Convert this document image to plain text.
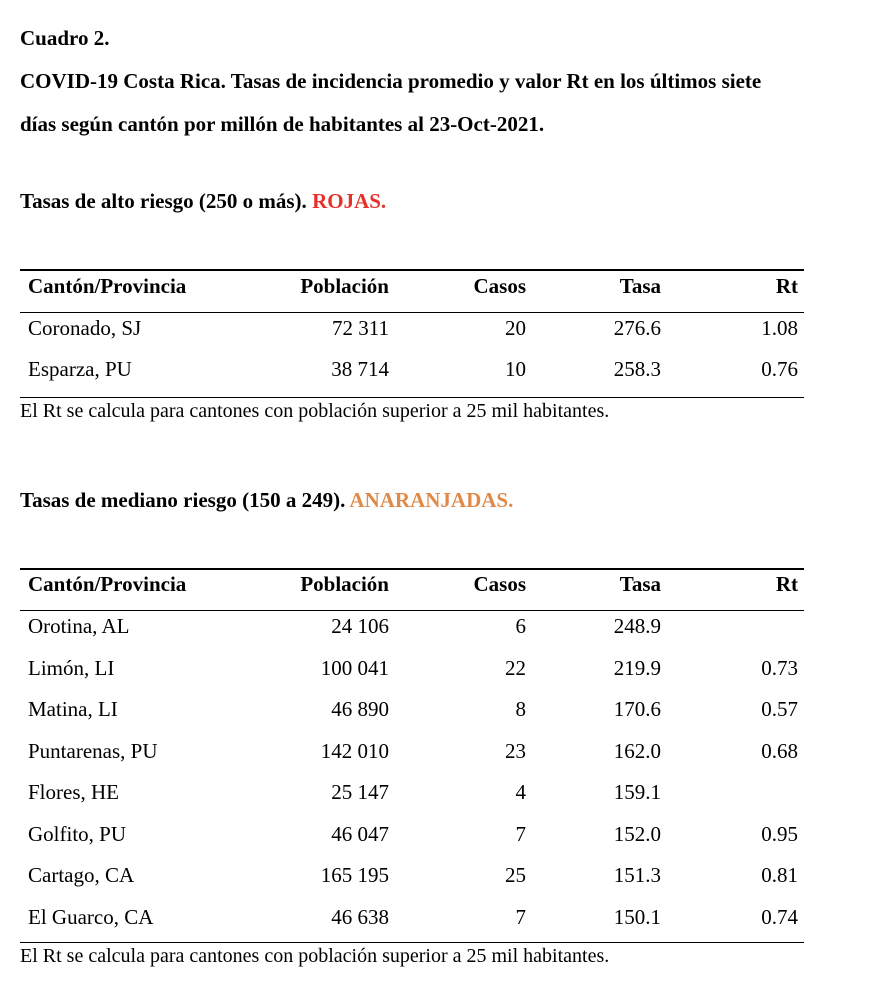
Cuadro 2.
COVID-19 Costa Rica. Tasas de incidencia promedio y valor Rt en los últimos siete
días según cantón por millón de habitantes al 23-Oct-2021.
Tasas de alto riesgo (250 o más). ROJAS.
Cantón/Provincia	Población	Casos	Tasa	Rt
Coronado, SJ	72 311	20	276.6	1.08
Esparza, PU	38 714	10	258.3	0.76
El Rt se calcula para cantones con población superior a 25 mil habitantes.
Tasas de mediano riesgo (150 a 249). ANARANJADAS.
Cantón/Provincia	Población	Casos	Tasa	Rt
Orotina, AL	24 106	6	248.9
Limón, LI	100 041	22	219.9	0.73
Matina, LI	46 890	8	170.6	0.57
Puntarenas, PU	142 010	23	162.0	0.68
Flores, HE	25 147	4	159.1
Golfito, PU	46 047	7	152.0	0.95
Cartago, CA	165 195	25	151.3	0.81
El Guarco, CA	46 638	7	150.1	0.74
El Rt se calcula para cantones con población superior a 25 mil habitantes.
